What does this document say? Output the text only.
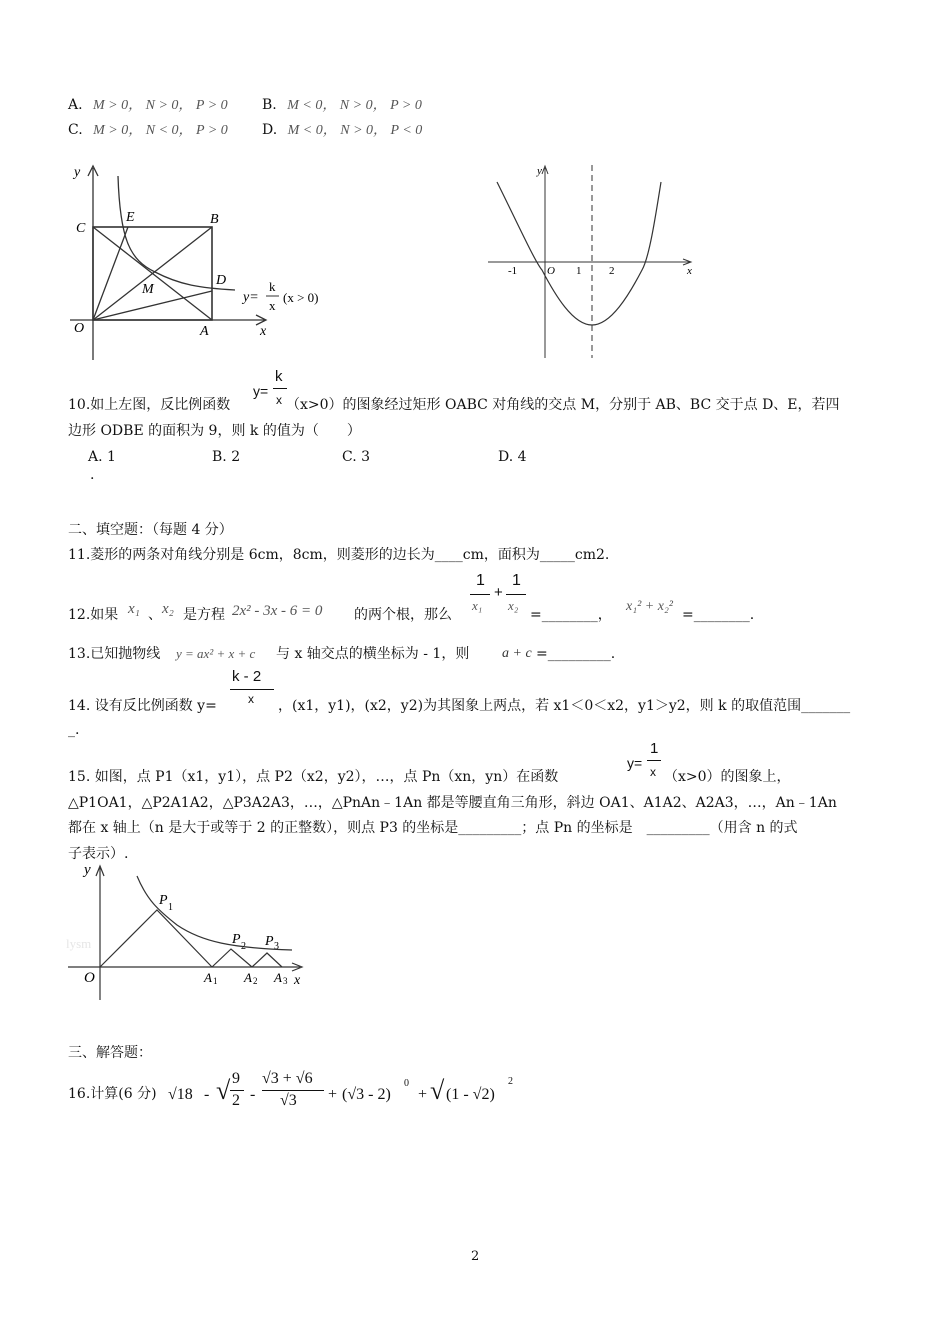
A. M > 0， N > 0， P > 0 B. M < 0， N > 0， P > 0
C. M > 0， N < 0， P > 0 D. M < 0， N > 0， P < 0
y
x
C
E	B
D
M
O	A
y=
k
x
(x > 0)
y
x
-1	O 1	2
10.如上左图，反比例函数
y=
k
x （x>0）的图象经过矩形 OABC 对角线的交点 M，分别于 AB、BC 交于点 D、E，若四
边形 ODBE 的面积为 9，则 k 的值为（　　）
A. 1	B. 2	C. 3	D. 4
.
二、填空题：（每题 4 分）
11.菱形的两条对角线分别是 6cm，8cm，则菱形的边长为____cm，面积为_____cm2.
12.如果 x₁ 、 x₂ 是方程 2x² - 3x - 6 = 0 的两个根，那么
1
x₁
+
1
x₂
=________，
x₁² + x₂²
=________.
13.已知抛物线 y = ax² + x + c 与 x 轴交点的横坐标为 - 1，则 a + c =_________.
14. 设有反比例函数 y=
k - 2
x ，(x1，y1)，(x2，y2)为其图象上两点，若 x1＜0＜x2，y1＞y2，则 k 的取值范围_______
_.
15. 如图，点 P1（x1，y1），点 P2（x2，y2），…，点 Pn（xn，yn）在函数
y=
1
x （x>0）的图象上，
△P1OA1，△P2A1A2，△P3A2A3，…，△PnAn﹣1An 都是等腰直角三角形，斜边 OA1、A1A2、A2A3，…，An﹣1An
都在 x 轴上（n 是大于或等于 2 的正整数），则点 P3 的坐标是_________；点 Pn 的坐标是　_________（用含 n 的式
子表示）.
lysm
y
x
O
P 1
P 2 P 3
A 1 A 2 A 3
三、解答题：
16.计算(6 分) √18 - √ 9
2 -
√3 + √6
√3 + (√3 - 2)
0
+ √ (1 - √2)
2
2
